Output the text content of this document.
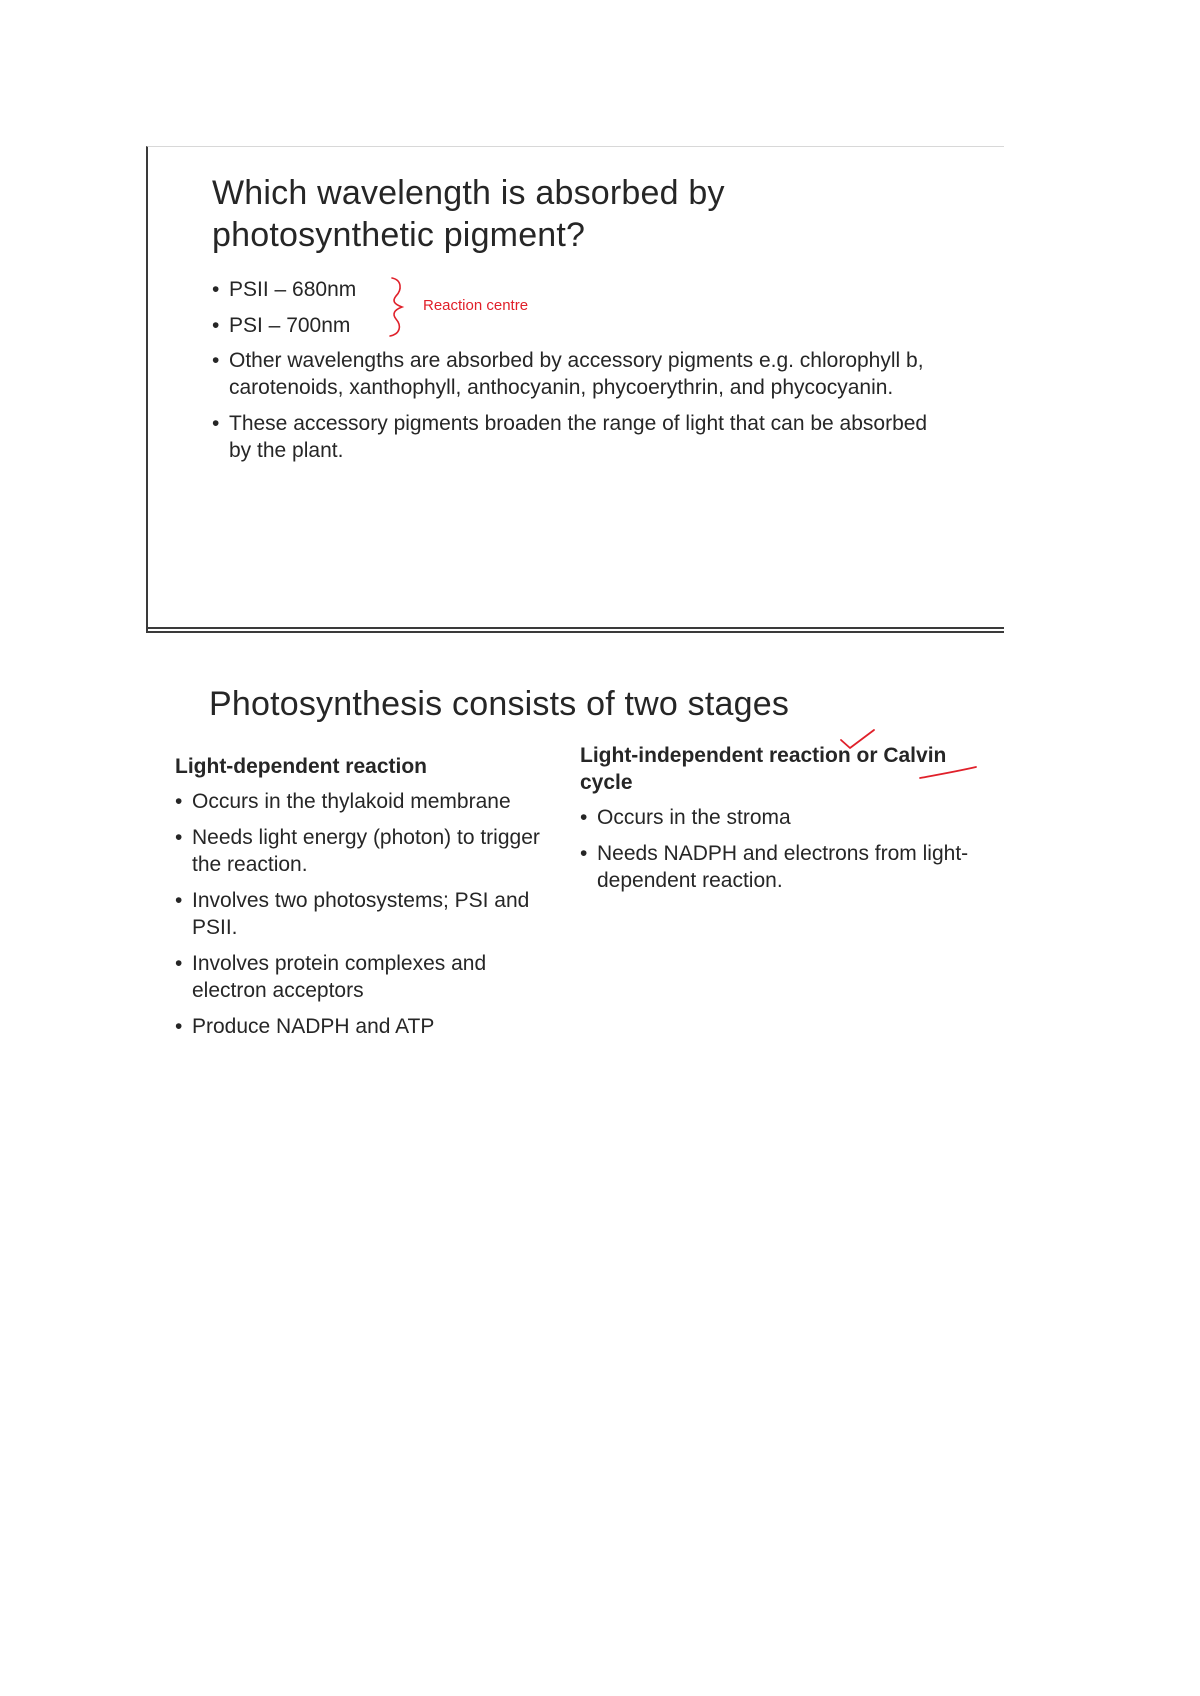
Which wavelength is absorbed by photosynthetic pigment?
• PSII – 680nm
• PSI – 700nm
Reaction centre
• Other wavelengths are absorbed by accessory pigments e.g. chlorophyll b, carotenoids, xanthophyll, anthocyanin, phycoerythrin, and phycocyanin.
• These accessory pigments broaden the range of light that can be absorbed by the plant.
Photosynthesis consists of two stages
Light-dependent reaction
• Occurs in the thylakoid membrane
• Needs light energy (photon) to trigger the reaction.
• Involves two photosystems; PSI and PSII.
• Involves protein complexes and electron acceptors
• Produce NADPH and ATP
Light-independent reaction or Calvin cycle
• Occurs in the stroma
• Needs NADPH and electrons from light-dependent reaction.
